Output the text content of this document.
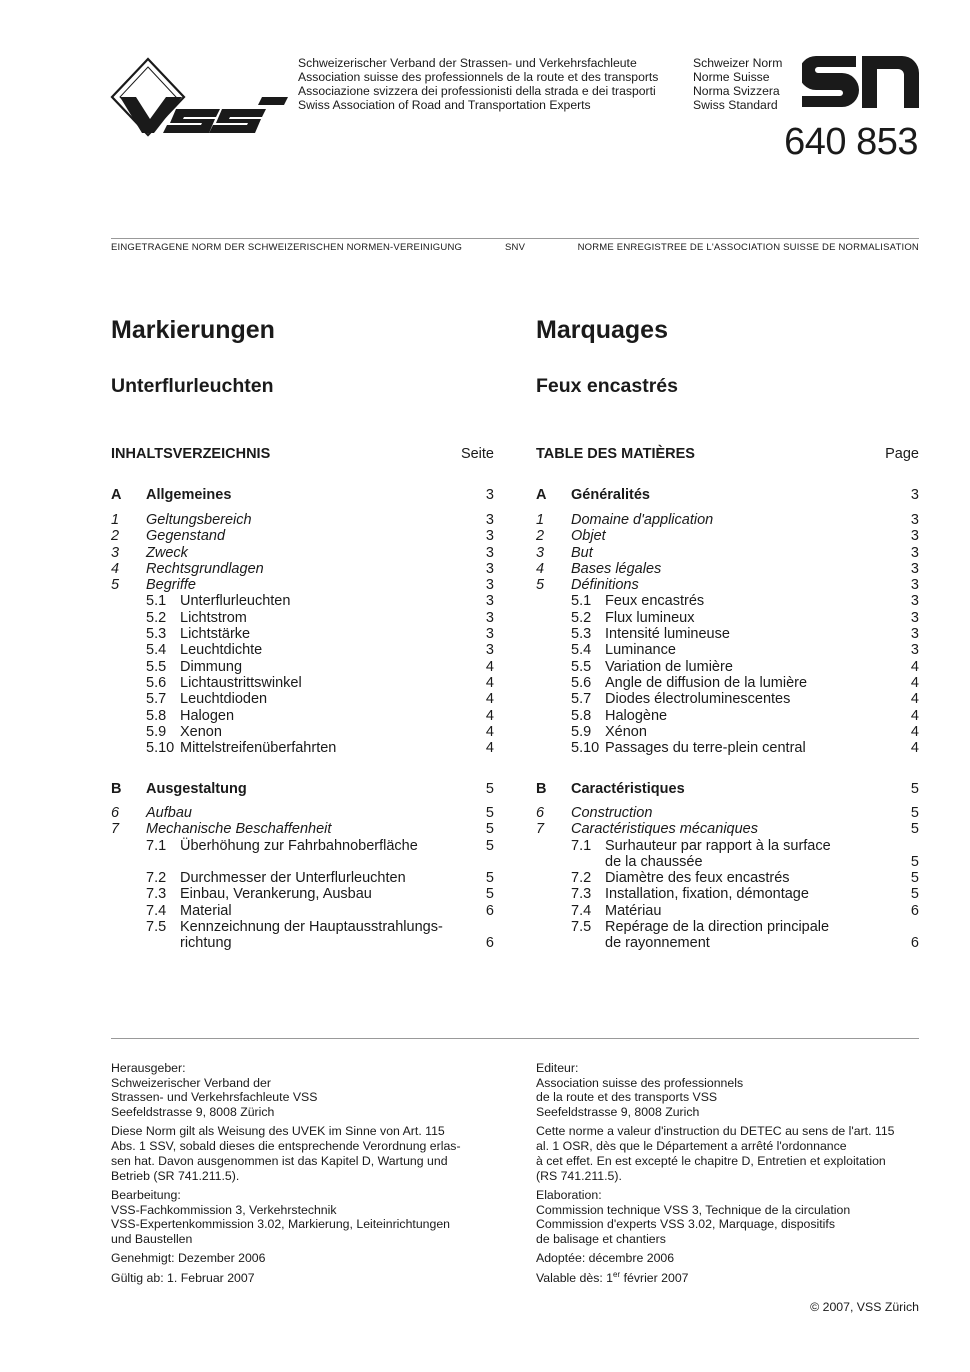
Schweizerischer Verband der Strassen- und Verkehrsfachleute
Association suisse des professionnels de la route et des transports
Associazione svizzera dei professionisti della strada e dei trasporti
Swiss Association of Road and Transportation Experts
Schweizer Norm
Norme Suisse
Norma Svizzera
Swiss Standard
640 853
EINGETRAGENE NORM DER SCHWEIZERISCHEN NORMEN-VEREINIGUNG	SNV	NORME ENREGISTREE DE L'ASSOCIATION SUISSE DE NORMALISATION
Markierungen
Unterflurleuchten
INHALTSVERZEICHNIS	Seite
A Allgemeines	3
1 Geltungsbereich	3
2 Gegenstand	3
3 Zweck	3
4 Rechtsgrundlagen	3
5 Begriffe	3
5.1 Unterflurleuchten	3
5.2 Lichtstrom	3
5.3 Lichtstärke	3
5.4 Leuchtdichte	3
5.5 Dimmung	4
5.6 Lichtaustrittswinkel	4
5.7 Leuchtdioden	4
5.8 Halogen	4
5.9 Xenon	4
5.10 Mittelstreifenüberfahrten	4
B Ausgestaltung	5
6 Aufbau	5
7 Mechanische Beschaffenheit	5
7.1 Überhöhung zur Fahrbahnoberfläche	5
7.2 Durchmesser der Unterflurleuchten	5
7.3 Einbau, Verankerung, Ausbau	5
7.4 Material	6
7.5 Kennzeichnung der Hauptausstrahlungs-
richtung	6
Marquages
Feux encastrés
TABLE DES MATIÈRES	Page
A Généralités	3
1 Domaine d'application	3
2 Objet	3
3 But	3
4 Bases légales	3
5 Définitions	3
5.1 Feux encastrés	3
5.2 Flux lumineux	3
5.3 Intensité lumineuse	3
5.4 Luminance	3
5.5 Variation de lumière	4
5.6 Angle de diffusion de la lumière	4
5.7 Diodes électroluminescentes	4
5.8 Halogène	4
5.9 Xénon	4
5.10 Passages du terre-plein central	4
B Caractéristiques	5
6 Construction	5
7 Caractéristiques mécaniques	5
7.1 Surhauteur par rapport à la surface
de la chaussée	5
7.2 Diamètre des feux encastrés	5
7.3 Installation, fixation, démontage	5
7.4 Matériau	6
7.5 Repérage de la direction principale
de rayonnement	6

Herausgeber:
Schweizerischer Verband der
Strassen- und Verkehrsfachleute VSS
Seefeldstrasse 9, 8008 Zürich

Diese Norm gilt als Weisung des UVEK im Sinne von Art. 115
Abs. 1 SSV, sobald dieses die entsprechende Verordnung erlas-
sen hat. Davon ausgenommen ist das Kapitel D, Wartung und
Betrieb (SR 741.211.5).

Bearbeitung:
VSS-Fachkommission 3, Verkehrstechnik
VSS-Expertenkommission 3.02, Markierung, Leiteinrichtungen
und Baustellen

Genehmigt: Dezember 2006

Gültig ab: 1. Februar 2007

Editeur:
Association suisse des professionnels
de la route et des transports VSS
Seefeldstrasse 9, 8008 Zurich

Cette norme a valeur d'instruction du DETEC au sens de l'art. 115
al. 1 OSR, dès que le Département a arrêté l'ordonnance
à cet effet. En est excepté le chapitre D, Entretien et exploitation
(RS 741.211.5).

Elaboration:
Commission technique VSS 3, Technique de la circulation
Commission d'experts VSS 3.02, Marquage, dispositifs
de balisage et chantiers

Adoptée: décembre 2006

Valable dès: 1er février 2007

© 2007, VSS Zürich
